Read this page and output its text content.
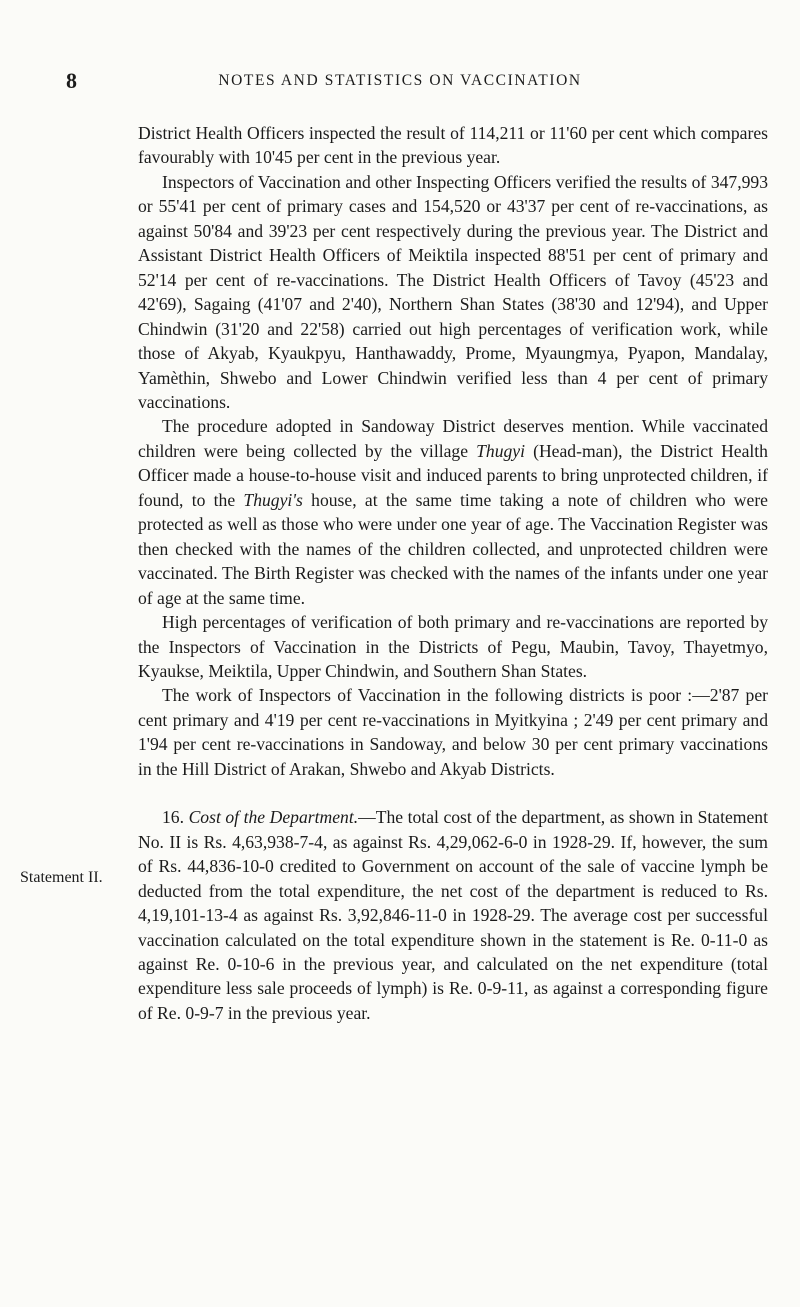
8	NOTES AND STATISTICS ON VACCINATION
Statement II.

District Health Officers inspected the result of 114,211 or 11'60 per cent which compares favourably with 10'45 per cent in the previous year.

Inspectors of Vaccination and other Inspecting Officers verified the results of 347,993 or 55'41 per cent of primary cases and 154,520 or 43'37 per cent of re-vaccinations, as against 50'84 and 39'23 per cent respectively during the previous year. The District and Assistant District Health Officers of Meiktila inspected 88'51 per cent of primary and 52'14 per cent of re-vaccinations. The District Health Officers of Tavoy (45'23 and 42'69), Sagaing (41'07 and 2'40), Northern Shan States (38'30 and 12'94), and Upper Chindwin (31'20 and 22'58) carried out high percentages of verification work, while those of Akyab, Kyaukpyu, Hanthawaddy, Prome, Myaungmya, Pyapon, Mandalay, Yamèthin, Shwebo and Lower Chindwin verified less than 4 per cent of primary vaccinations.

The procedure adopted in Sandoway District deserves mention. While vaccinated children were being collected by the village Thugyi (Head-man), the District Health Officer made a house-to-house visit and induced parents to bring unprotected children, if found, to the Thugyi's house, at the same time taking a note of children who were protected as well as those who were under one year of age. The Vaccination Register was then checked with the names of the children collected, and unprotected children were vaccinated. The Birth Register was checked with the names of the infants under one year of age at the same time.

High percentages of verification of both primary and re-vaccinations are reported by the Inspectors of Vaccination in the Districts of Pegu, Maubin, Tavoy, Thayetmyo, Kyaukse, Meiktila, Upper Chindwin, and Southern Shan States.

The work of Inspectors of Vaccination in the following districts is poor :—2'87 per cent primary and 4'19 per cent re-vaccinations in Myitkyina ; 2'49 per cent primary and 1'94 per cent re-vaccinations in Sandoway, and below 30 per cent primary vaccinations in the Hill District of Arakan, Shwebo and Akyab Districts.

16. Cost of the Department.—The total cost of the department, as shown in Statement No. II is Rs. 4,63,938-7-4, as against Rs. 4,29,062-6-0 in 1928-29. If, however, the sum of Rs. 44,836-10-0 credited to Government on account of the sale of vaccine lymph be deducted from the total expenditure, the net cost of the department is reduced to Rs. 4,19,101-13-4 as against Rs. 3,92,846-11-0 in 1928-29. The average cost per successful vaccination calculated on the total expenditure shown in the statement is Re. 0-11-0 as against Re. 0-10-6 in the previous year, and calculated on the net expenditure (total expenditure less sale proceeds of lymph) is Re. 0-9-11, as against a corresponding figure of Re. 0-9-7 in the previous year.
